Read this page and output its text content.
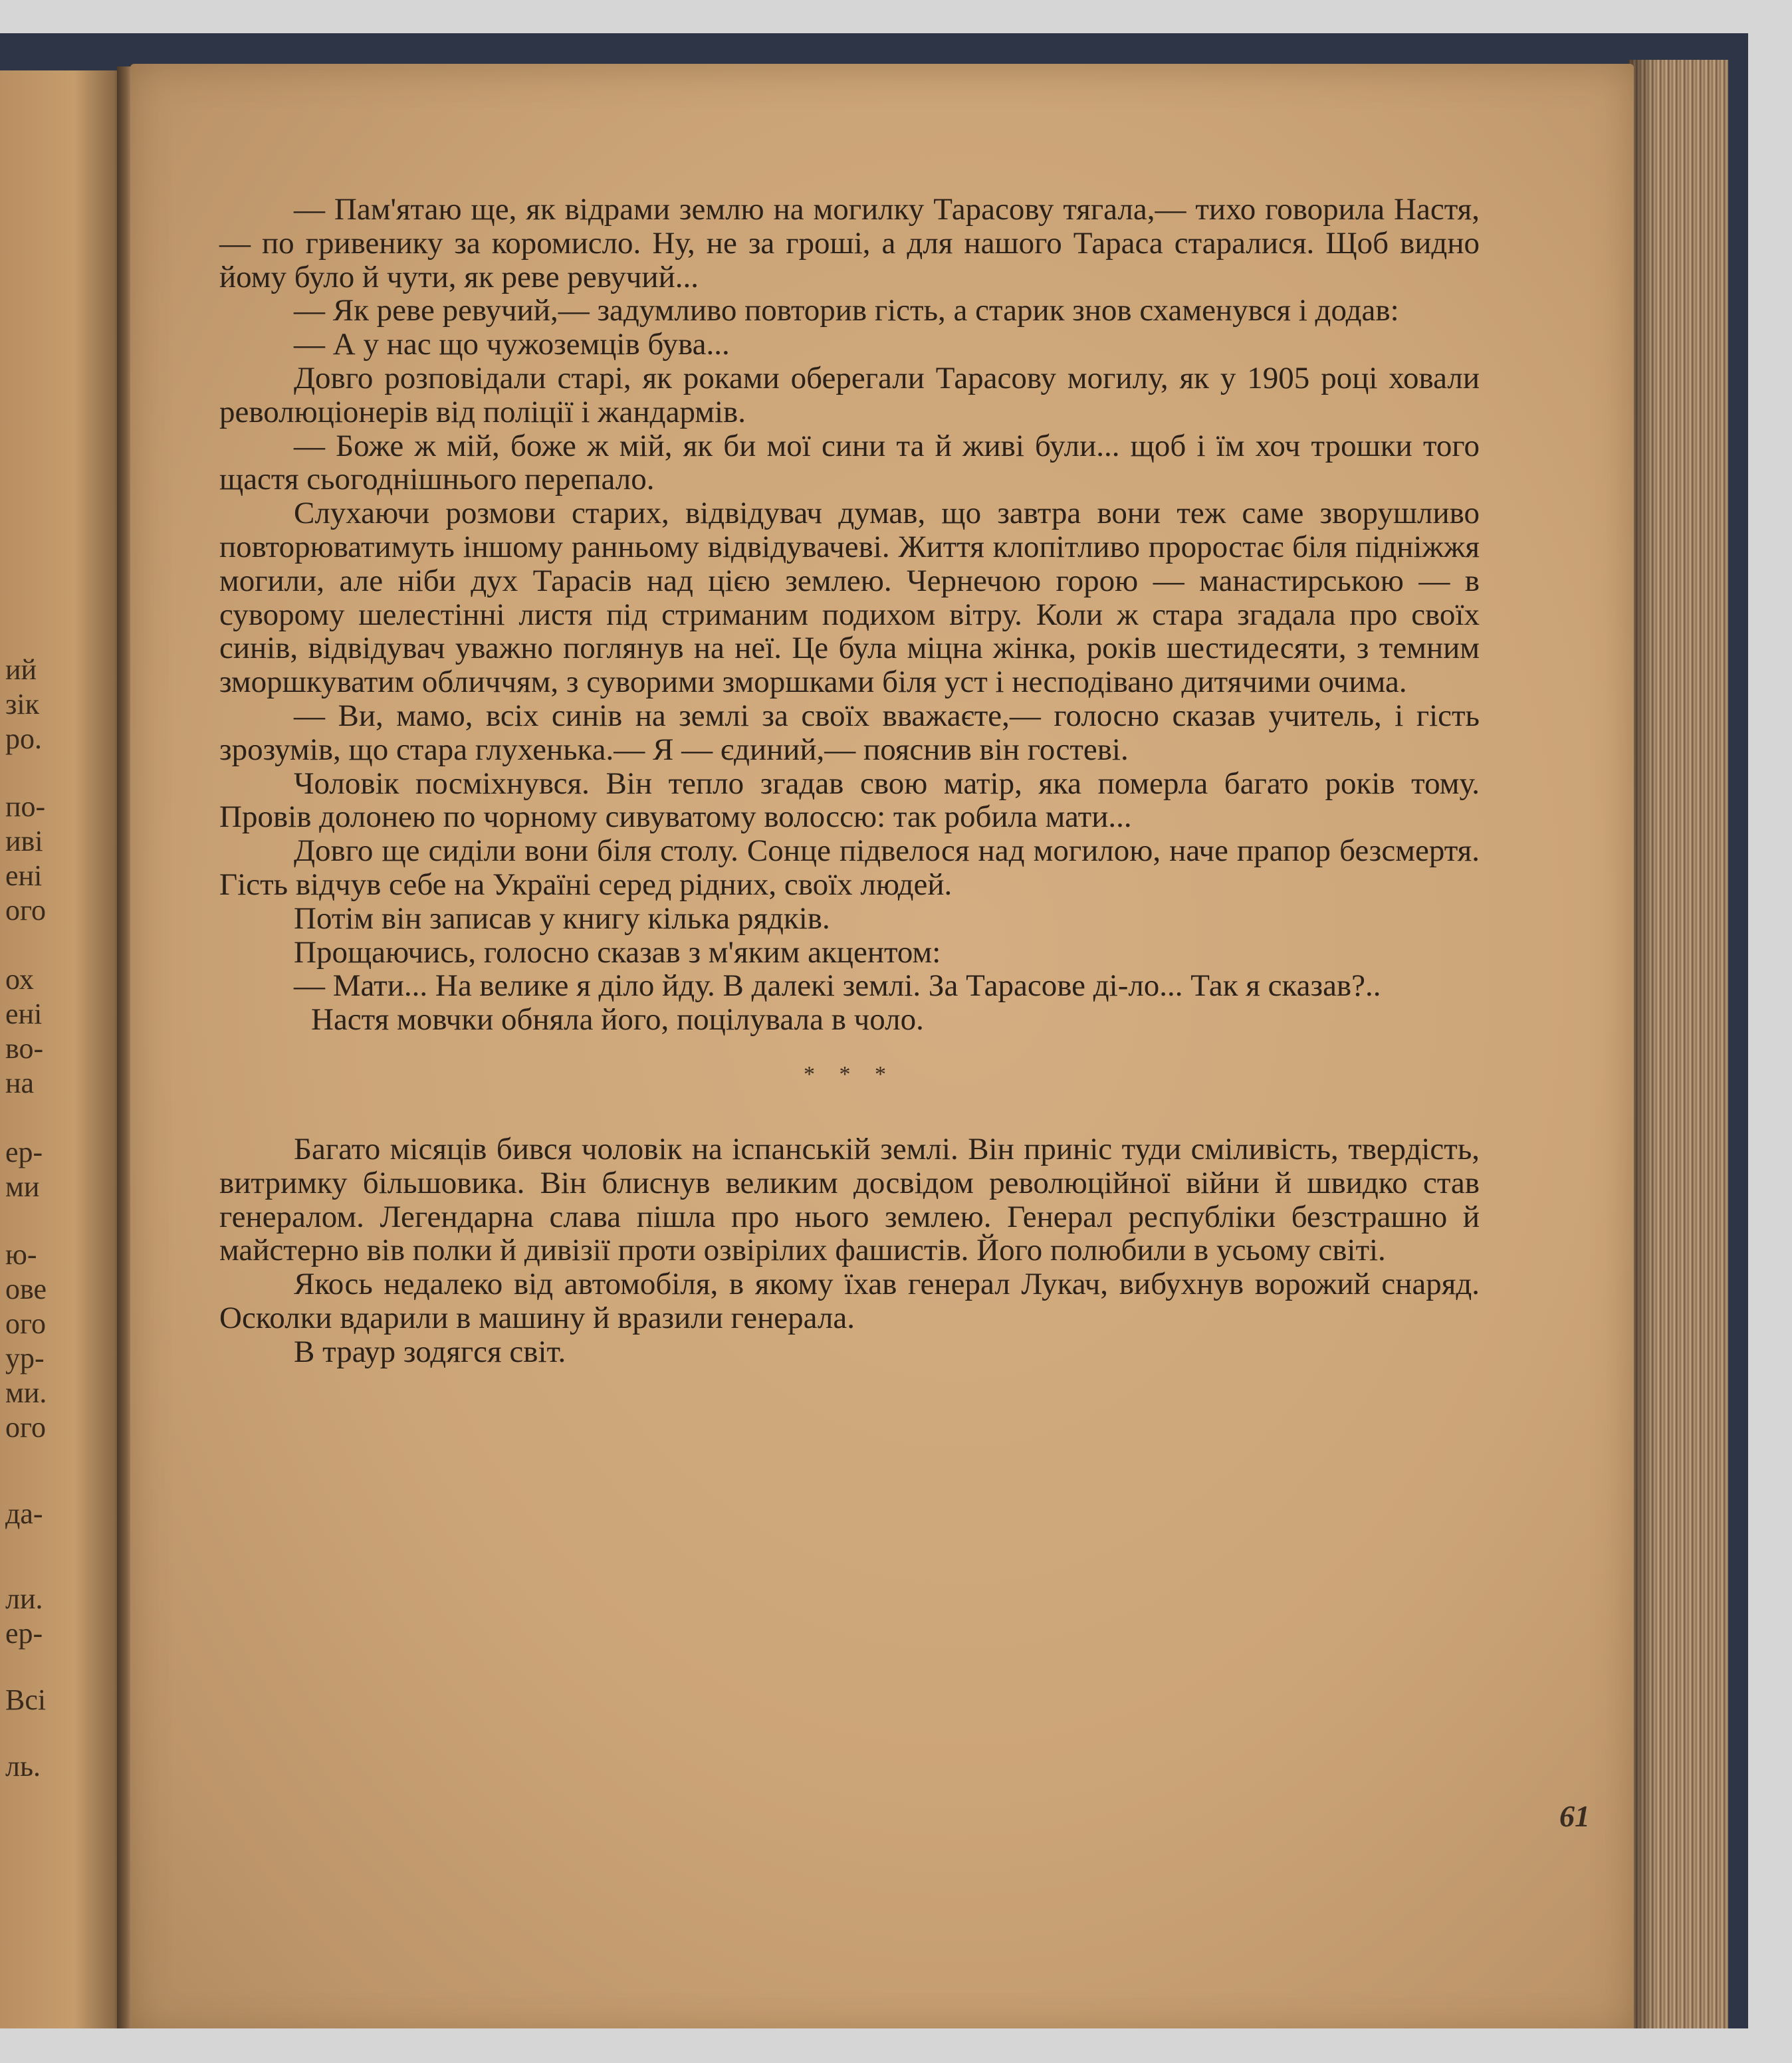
ий

зік

ро.

по-

иві

ені

ого

ох

ені

во-

на

ер-

ми

ю-

ове

ого

ур-

ми.

ого

да-

ли.

ер-

Всі

ль.

— Пам'ятаю ще, як відрами землю на могилку Тарасову тягала,— тихо говорила Настя,— по гривенику за коромисло. Ну, не за гроші, а для нашого Тараса старалися. Щоб видно йому було й чути, як реве ревучий...

— Як реве ревучий,— задумливо повторив гість, а старик знов схаменувся і додав:

— А у нас що чужоземців бува...

Довго розповідали старі, як роками оберегали Тарасову могилу, як у 1905 році ховали революціонерів від поліції і жандармів.

— Боже ж мій, боже ж мій, як би мої сини та й живі були... щоб і їм хоч трошки того щастя сьогоднішнього перепало.

Слухаючи розмови старих, відвідувач думав, що завтра вони теж саме зворушливо повторюватимуть іншому ранньому відвідувачеві. Життя клопітливо проростає біля підніжжя могили, але ніби дух Тарасів над цією землею. Чернечою горою — манастирською — в суворому шелестінні листя під стриманим подихом вітру. Коли ж стара згадала про своїх синів, відвідувач уважно поглянув на неї. Це була міцна жінка, років шестидесяти, з темним зморшкуватим обличчям, з суворими зморшками біля уст і несподівано дитячими очима.

— Ви, мамо, всіх синів на землі за своїх вважаєте,— голосно сказав учитель, і гість зрозумів, що стара глухенька.— Я — єдиний,— пояснив він гостеві.

Чоловік посміхнувся. Він тепло згадав свою матір, яка померла багато років тому. Провів долонею по чорному сивуватому волоссю: так робила мати...

Довго ще сиділи вони біля столу. Сонце підвелося над могилою, наче прапор безсмертя. Гість відчув себе на Україні серед рідних, своїх людей.

Потім він записав у книгу кілька рядків.

Прощаючись, голосно сказав з м'яким акцентом:

— Мати... На велике я діло йду. В далекі землі. За Тарасове ді-ло... Так я сказав?..

Настя мовчки обняла його, поцілувала в чоло.

* * *

Багато місяців бився чоловік на іспанській землі. Він приніс туди сміливість, твердість, витримку більшовика. Він блиснув великим досвідом революційної війни й швидко став генералом. Легендарна слава пішла про нього землею. Генерал республіки безстрашно й майстерно вів полки й дивізії проти озвірілих фашистів. Його полюбили в усьому світі.

Якось недалеко від автомобіля, в якому їхав генерал Лукач, вибухнув ворожий снаряд. Осколки вдарили в машину й вразили генерала.

В траур зодягся світ.

61
